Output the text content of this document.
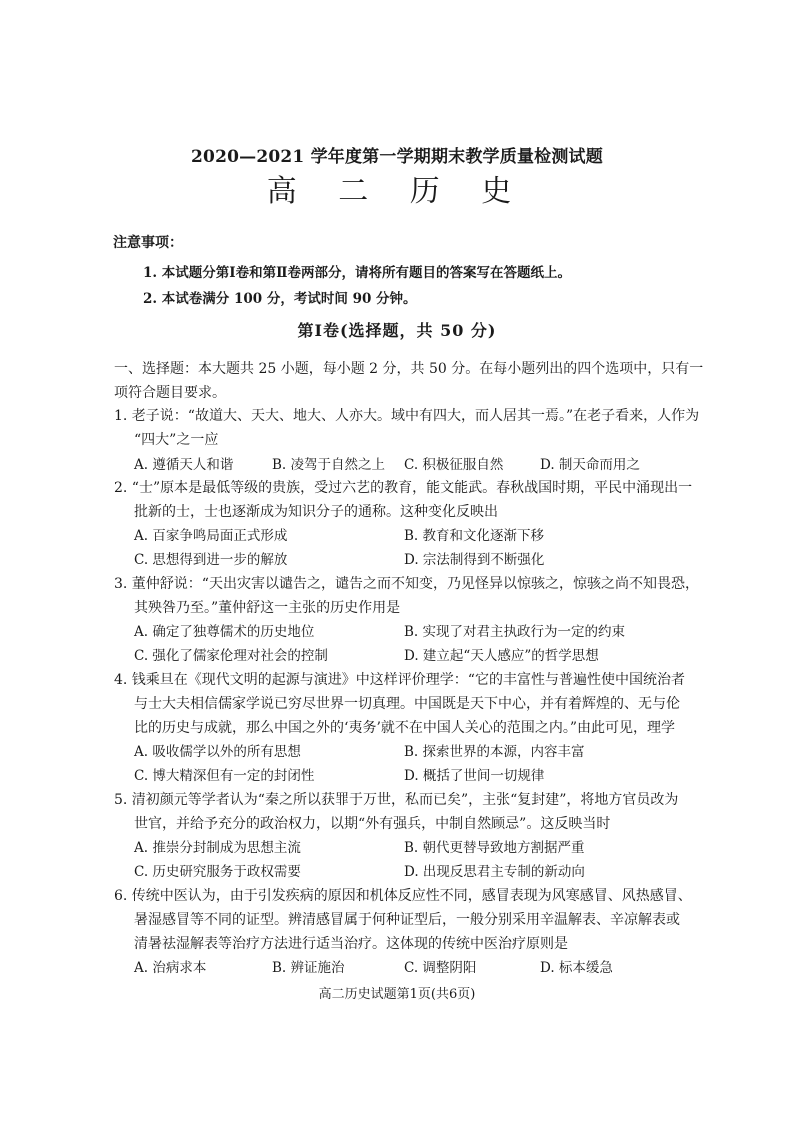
2020—2021 学年度第一学期期末教学质量检测试题
高 二 历 史
注意事项：
1. 本试题分第Ⅰ卷和第Ⅱ卷两部分，请将所有题目的答案写在答题纸上。
2. 本试卷满分 100 分，考试时间 90 分钟。
第Ⅰ卷(选择题，共 50 分)
一、选择题：本大题共 25 小题，每小题 2 分，共 50 分。在每小题列出的四个选项中，只有一
项符合题目要求。
1. 老子说：“故道大、天大、地大、人亦大。域中有四大，而人居其一焉。”在老子看来，人作为
“四大”之一应
A. 遵循天人和谐	B. 凌驾于自然之上 C. 积极征服自然	D. 制天命而用之
2. “士”原本是最低等级的贵族，受过六艺的教育，能文能武。春秋战国时期，平民中涌现出一
批新的士，士也逐渐成为知识分子的通称。这种变化反映出
A. 百家争鸣局面正式形成	B. 教育和文化逐渐下移
C. 思想得到进一步的解放	D. 宗法制得到不断强化
3. 董仲舒说：“天出灾害以谴告之，谴告之而不知变，乃见怪异以惊骇之，惊骇之尚不知畏恐，
其殃咎乃至。”董仲舒这一主张的历史作用是
A. 确定了独尊儒术的历史地位	B. 实现了对君主执政行为一定的约束
C. 强化了儒家伦理对社会的控制	D. 建立起“天人感应”的哲学思想
4. 钱乘旦在《现代文明的起源与演进》中这样评价理学：“它的丰富性与普遍性使中国统治者
与士大夫相信儒家学说已穷尽世界一切真理。中国既是天下中心，并有着辉煌的、无与伦
比的历史与成就，那么中国之外的‘夷务’就不在中国人关心的范围之内。”由此可见，理学
A. 吸收儒学以外的所有思想	B. 探索世界的本源，内容丰富
C. 博大精深但有一定的封闭性	D. 概括了世间一切规律
5. 清初颜元等学者认为“秦之所以获罪于万世，私而已矣”，主张“复封建”，将地方官员改为
世官，并给予充分的政治权力，以期“外有强兵，中制自然顾忌”。这反映当时
A. 推崇分封制成为思想主流	B. 朝代更替导致地方割据严重
C. 历史研究服务于政权需要	D. 出现反思君主专制的新动向
6. 传统中医认为，由于引发疾病的原因和机体反应性不同，感冒表现为风寒感冒、风热感冒、
暑湿感冒等不同的证型。辨清感冒属于何种证型后，一般分别采用辛温解表、辛凉解表或
清暑祛湿解表等治疗方法进行适当治疗。这体现的传统中医治疗原则是
A. 治病求本	B. 辨证施治	C. 调整阴阳	D. 标本缓急
高二历史试题第1页(共6页)
